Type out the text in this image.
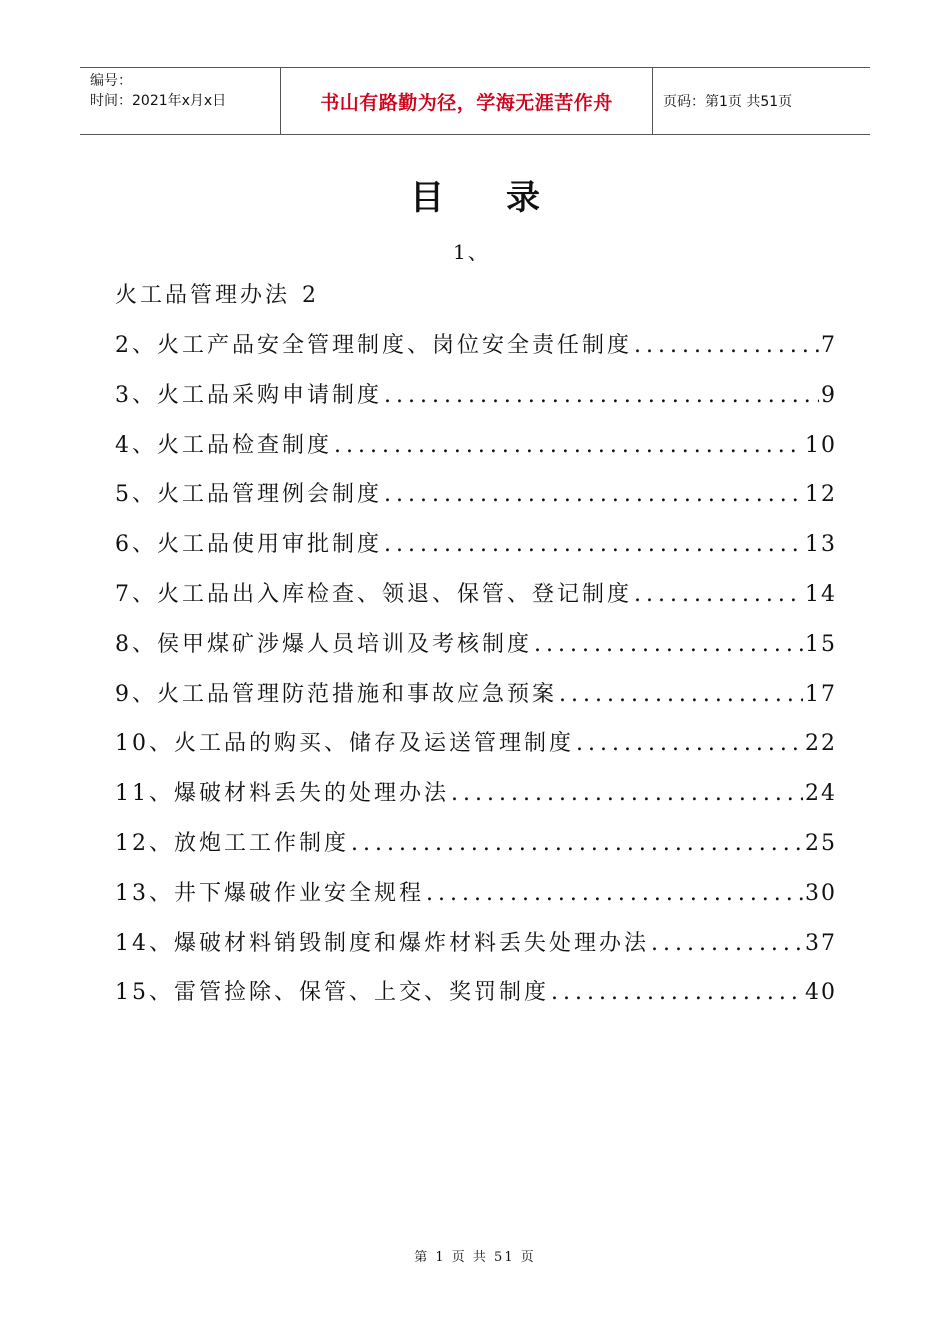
编号：
时间：2021年x月x日	书山有路勤为径，学海无涯苦作舟	页码：第1页 共51页
目 录
1、
火工品管理办法 2
2、火工产品安全管理制度、岗位安全责任制度 .....	7
3、火工品采购申请制度 .....	9
4、火工品检查制度 .....	10
5、火工品管理例会制度 .....	12
6、火工品使用审批制度 .....	13
7、火工品出入库检查、领退、保管、登记制度 .....	14
8、侯甲煤矿涉爆人员培训及考核制度 .....	15
9、火工品管理防范措施和事故应急预案 .....	17
10、火工品的购买、储存及运送管理制度 .....	22
11、爆破材料丢失的处理办法 .....	24
12、放炮工工作制度 .....	25
13、井下爆破作业安全规程 .....	30
14、爆破材料销毁制度和爆炸材料丢失处理办法 .....	37
15、雷管捡除、保管、上交、奖罚制度 .....	40
第 1 页 共 51 页
